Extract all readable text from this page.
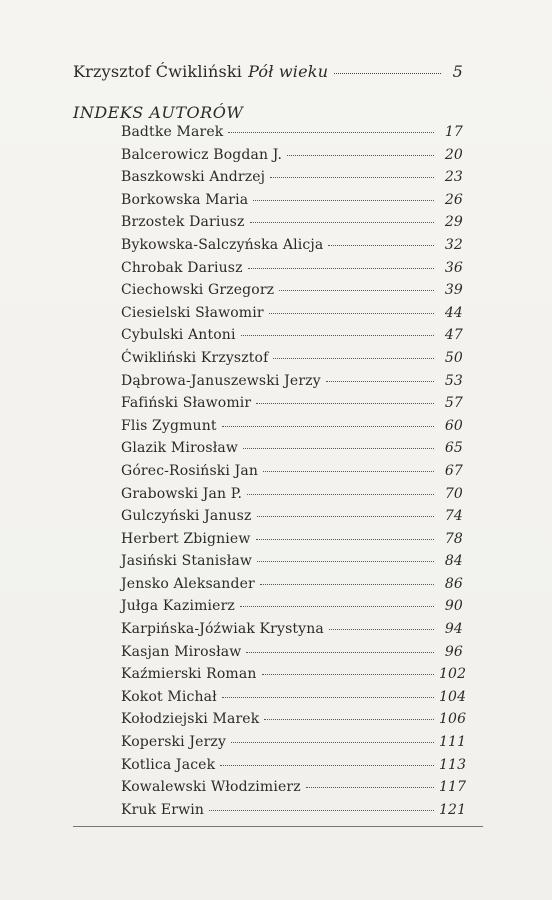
Krzysztof Ćwikliński Pół wieku	5
INDEKS AUTORÓW
Badtke Marek	17
Balcerowicz Bogdan J.	20
Baszkowski Andrzej	23
Borkowska Maria	26
Brzostek Dariusz	29
Bykowska-Salczyńska Alicja	32
Chrobak Dariusz	36
Ciechowski Grzegorz	39
Ciesielski Sławomir	44
Cybulski Antoni	47
Ćwikliński Krzysztof	50
Dąbrowa-Januszewski Jerzy	53
Fafiński Sławomir	57
Flis Zygmunt	60
Glazik Mirosław	65
Górec-Rosiński Jan	67
Grabowski Jan P.	70
Gulczyński Janusz	74
Herbert Zbigniew	78
Jasiński Stanisław	84
Jensko Aleksander	86
Jułga Kazimierz	90
Karpińska-Jóźwiak Krystyna	94
Kasjan Mirosław	96
Kaźmierski Roman	102
Kokot Michał	104
Kołodziejski Marek	106
Koperski Jerzy	111
Kotlica Jacek	113
Kowalewski Włodzimierz	117
Kruk Erwin	121
